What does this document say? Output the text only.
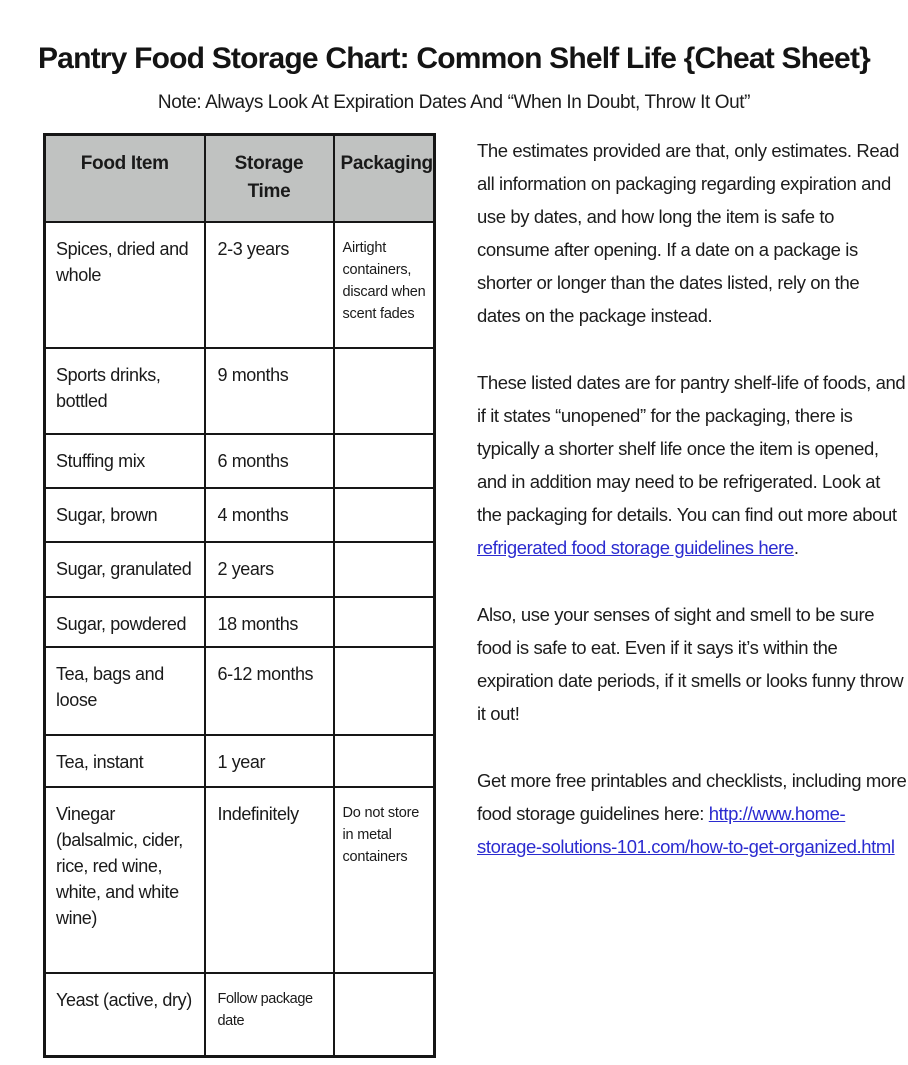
Pantry Food Storage Chart: Common Shelf Life {Cheat Sheet}
Note: Always Look At Expiration Dates And “When In Doubt, Throw It Out”
Food Item	Storage Time	Packaging
Spices, dried and whole	2-3 years	Airtight containers, discard when scent fades
Sports drinks, bottled	9 months	
Stuffing mix	6 months	
Sugar, brown	4 months	
Sugar, granulated	2 years	
Sugar, powdered	18 months	
Tea, bags and loose	6-12 months	
Tea, instant	1 year	
Vinegar (balsalmic, cider, rice, red wine, white, and white wine)	Indefinitely	Do not store in metal containers
Yeast (active, dry)	Follow package date	

The estimates provided are that, only estimates. Read all information on packaging regarding expiration and use by dates, and how long the item is safe to consume after opening. If a date on a package is shorter or longer than the dates listed, rely on the dates on the package instead.

These listed dates are for pantry shelf-life of foods, and if it states “unopened” for the packaging, there is typically a shorter shelf life once the item is opened, and in addition may need to be refrigerated. Look at the packaging for details. You can find out more about refrigerated food storage guidelines here.

Also, use your senses of sight and smell to be sure food is safe to eat. Even if it says it’s within the expiration date periods, if it smells or looks funny throw it out!

Get more free printables and checklists, including more food storage guidelines here: http://www.home-storage-solutions-101.com/how-to-get-organized.html
